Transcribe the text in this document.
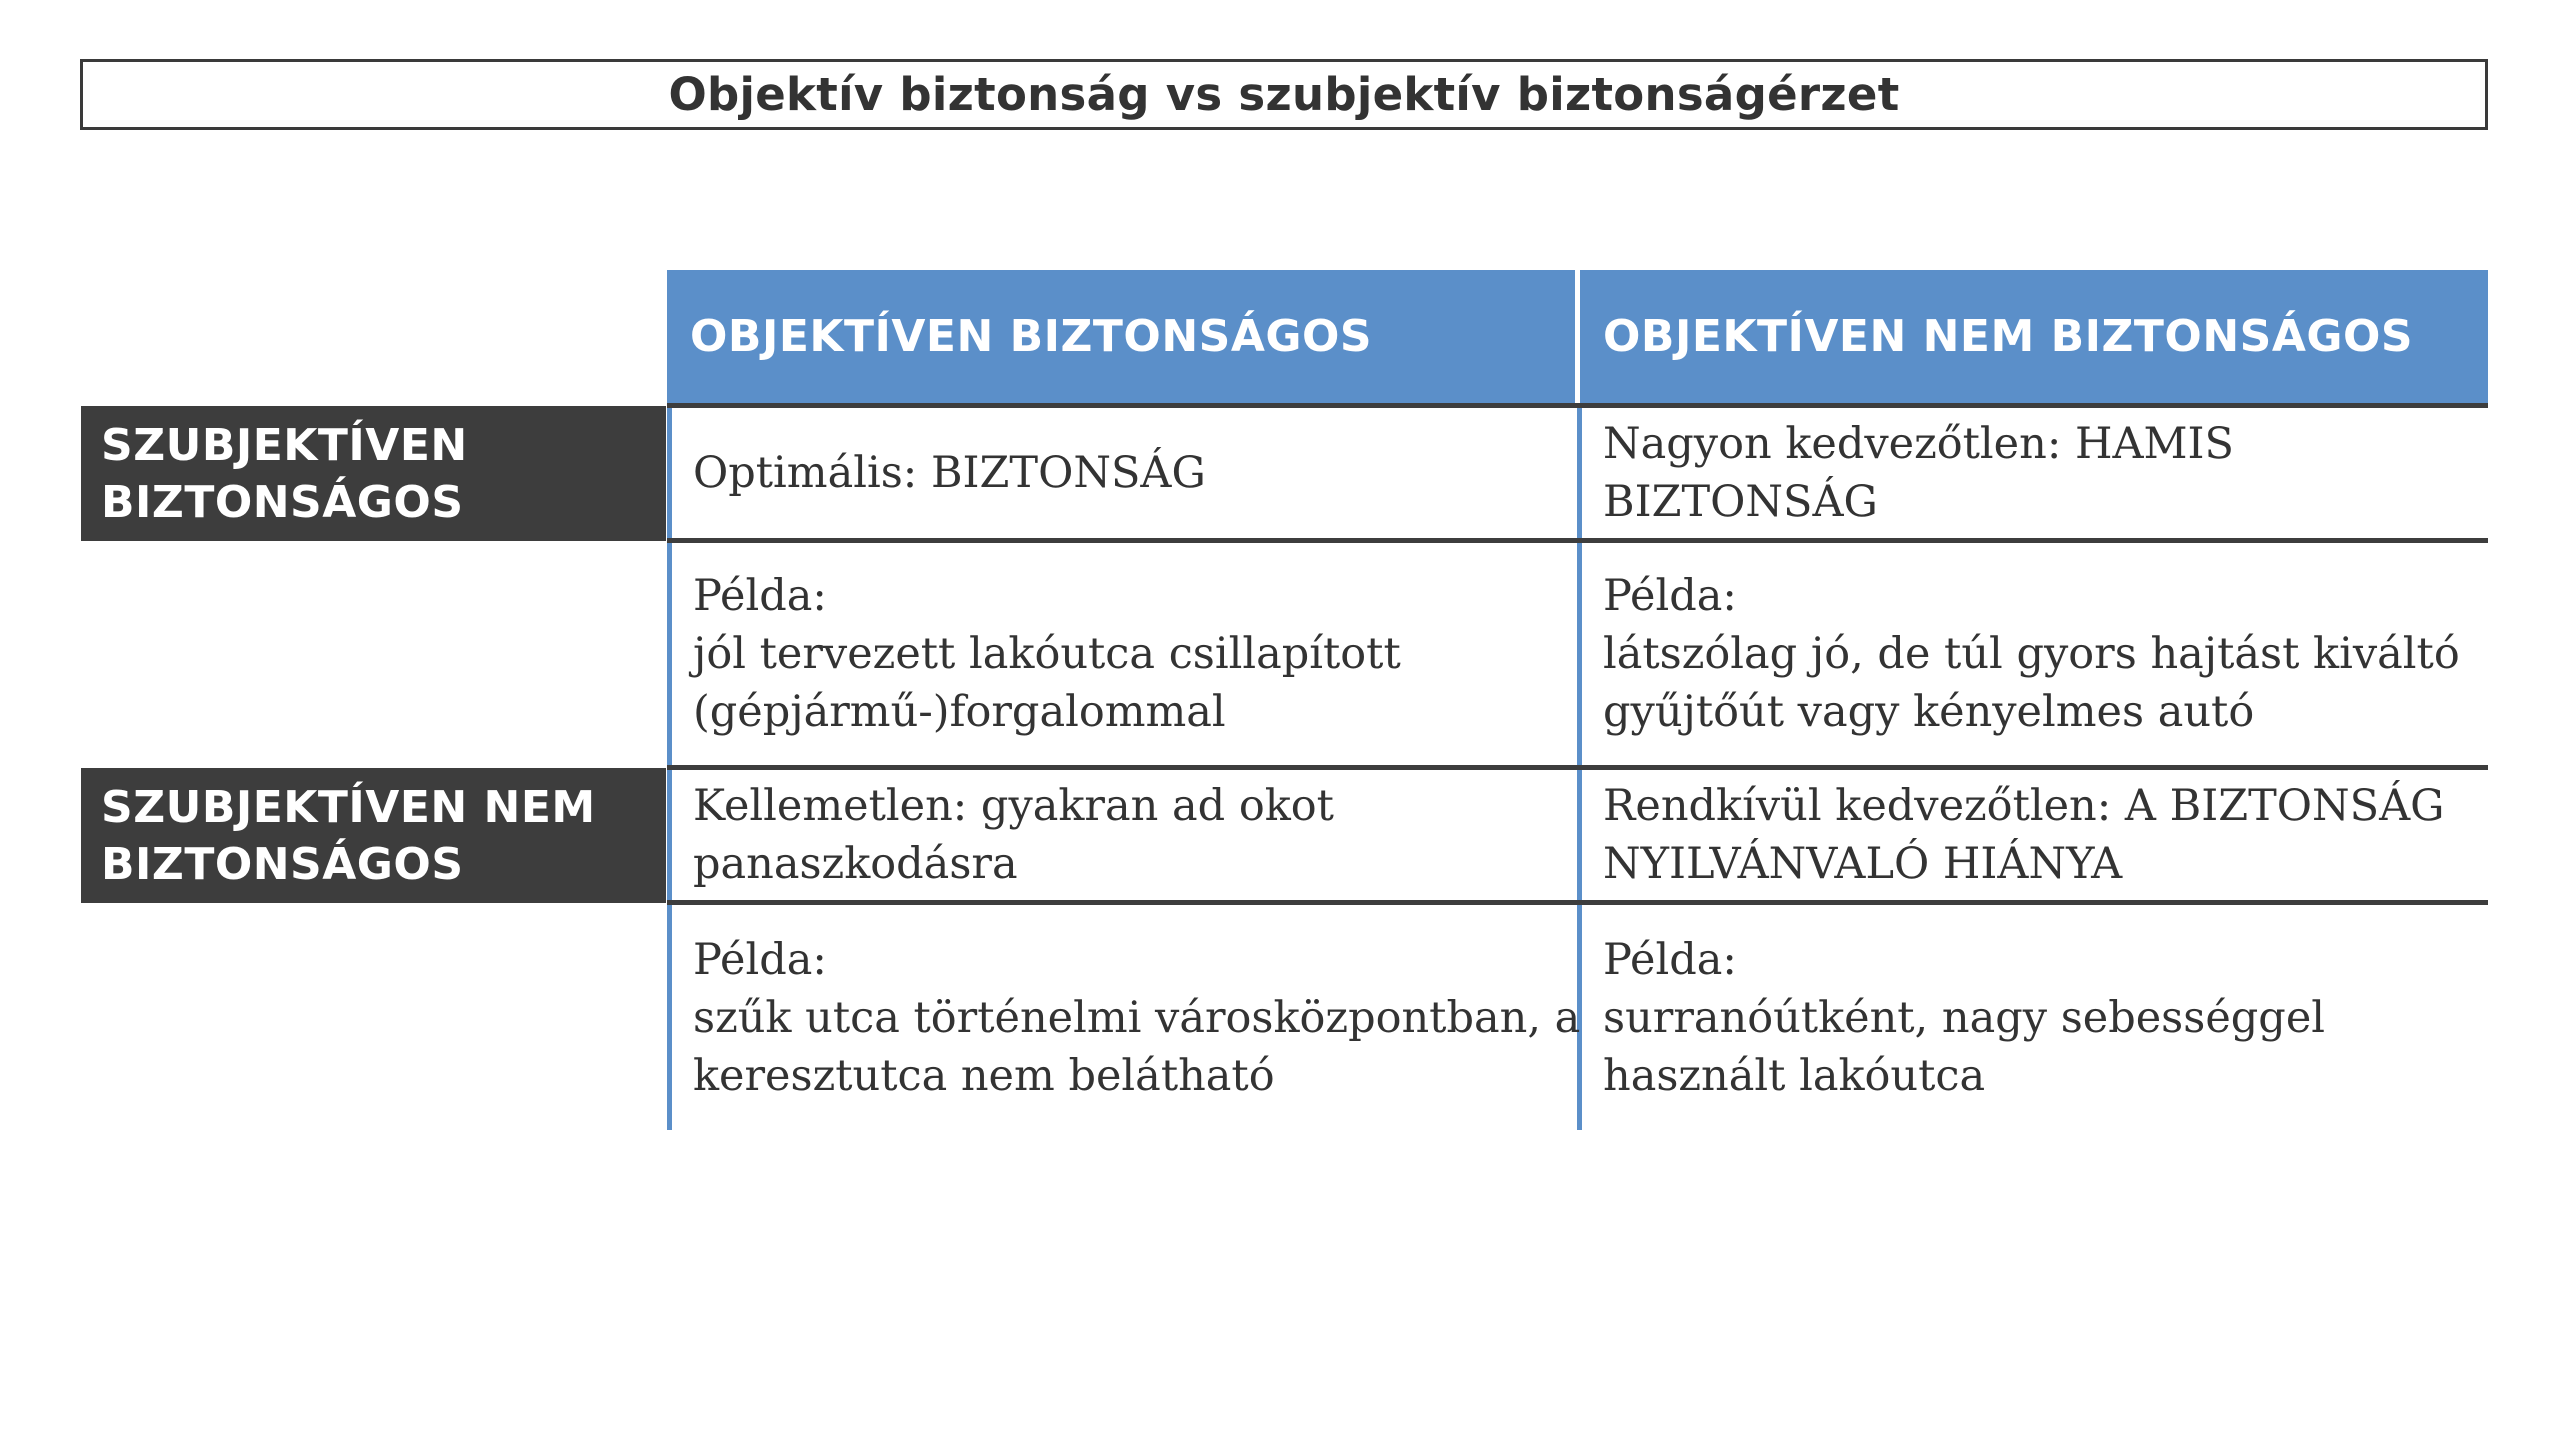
Objektív biztonság vs szubjektív biztonságérzet
OBJEKTÍVEN BIZTONSÁGOS	OBJEKTÍVEN NEM BIZTONSÁGOS
SZUBJEKTÍVEN
BIZTONSÁGOS
SZUBJEKTÍVEN NEM
BIZTONSÁGOS
Optimális: BIZTONSÁG
Nagyon kedvezőtlen: HAMIS
BIZTONSÁG
Példa:
jól tervezett lakóutca csillapított
(gépjármű-)forgalommal
Példa:
látszólag jó, de túl gyors hajtást kiváltó
gyűjtőút vagy kényelmes autó
Kellemetlen: gyakran ad okot
panaszkodásra
Rendkívül kedvezőtlen: A BIZTONSÁG
NYILVÁNVALÓ HIÁNYA
Példa:
szűk utca történelmi városközpontban, a
keresztutca nem belátható
Példa:
surranóútként, nagy sebességgel
használt lakóutca
